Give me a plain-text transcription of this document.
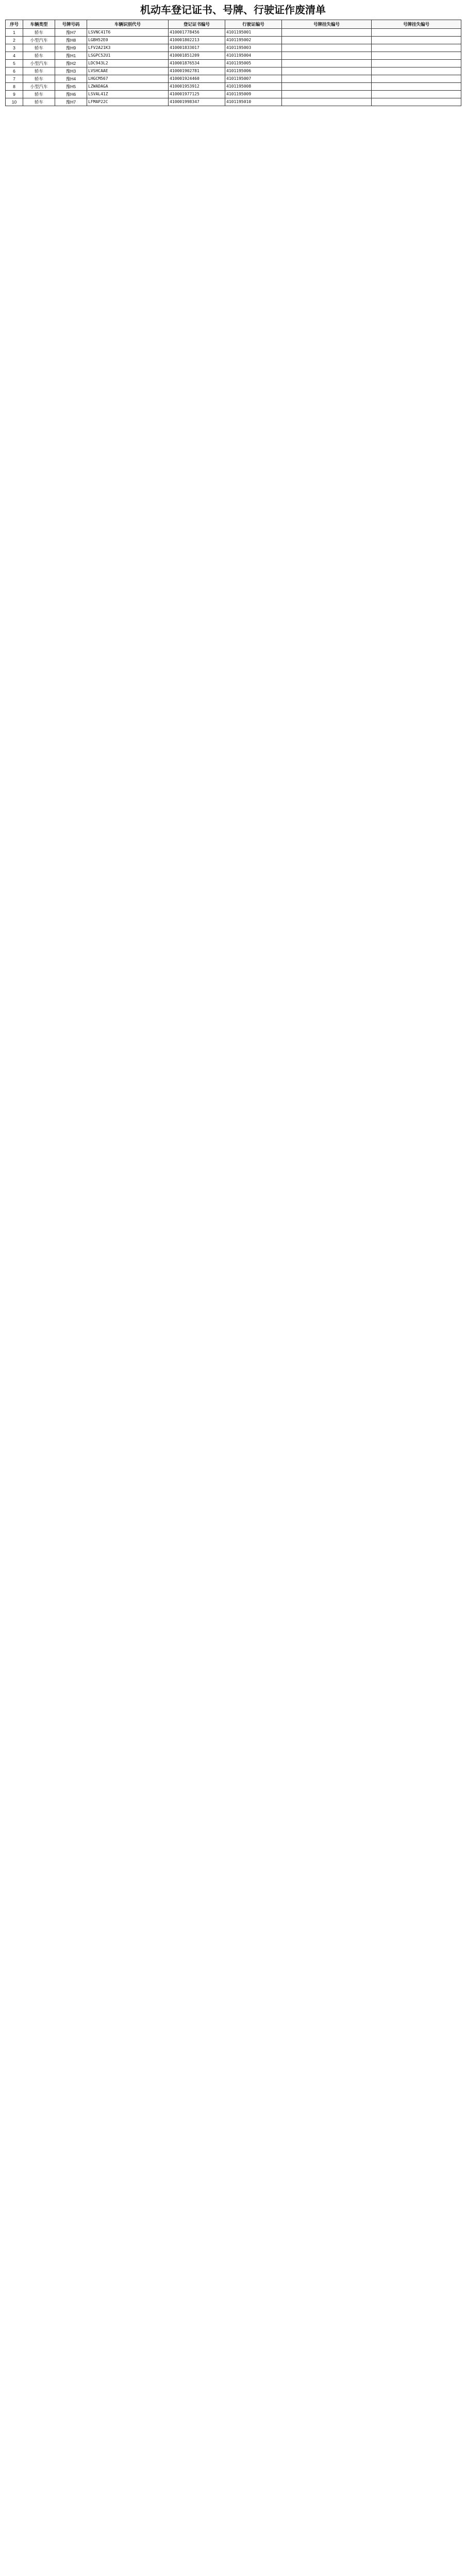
机动车登记证书、号牌、行驶证作废清单
序号	车辆类型	号牌号码	车辆识别代号	登记证书编号	行驶证编号	号牌挂失编号	号牌挂失编号
1	轿车	豫H7	LSVNC41T6	410001778456	4101195001		
2	小型汽车	豫H8	LGBH52E0	410001802213	4101195002		
3	轿车	豫H9	LFV2A21K3	410001833017	4101195003		
4	轿车	豫H1	LSGPC52U1	410001851209	4101195004		
5	小型汽车	豫H2	LDC943L2	410001876534	4101195005		
6	轿车	豫H3	LVSHCAAE	410001902781	4101195006		
7	轿车	豫H4	LHGCM567	410001924460	4101195007		
8	小型汽车	豫H5	LZWADAGA	410001953912	4101195008		
9	轿车	豫H6	LSVAL41Z	410001977125	4101195009		
10	轿车	豫H7	LFMAP22C	410001998347	4101195010		
